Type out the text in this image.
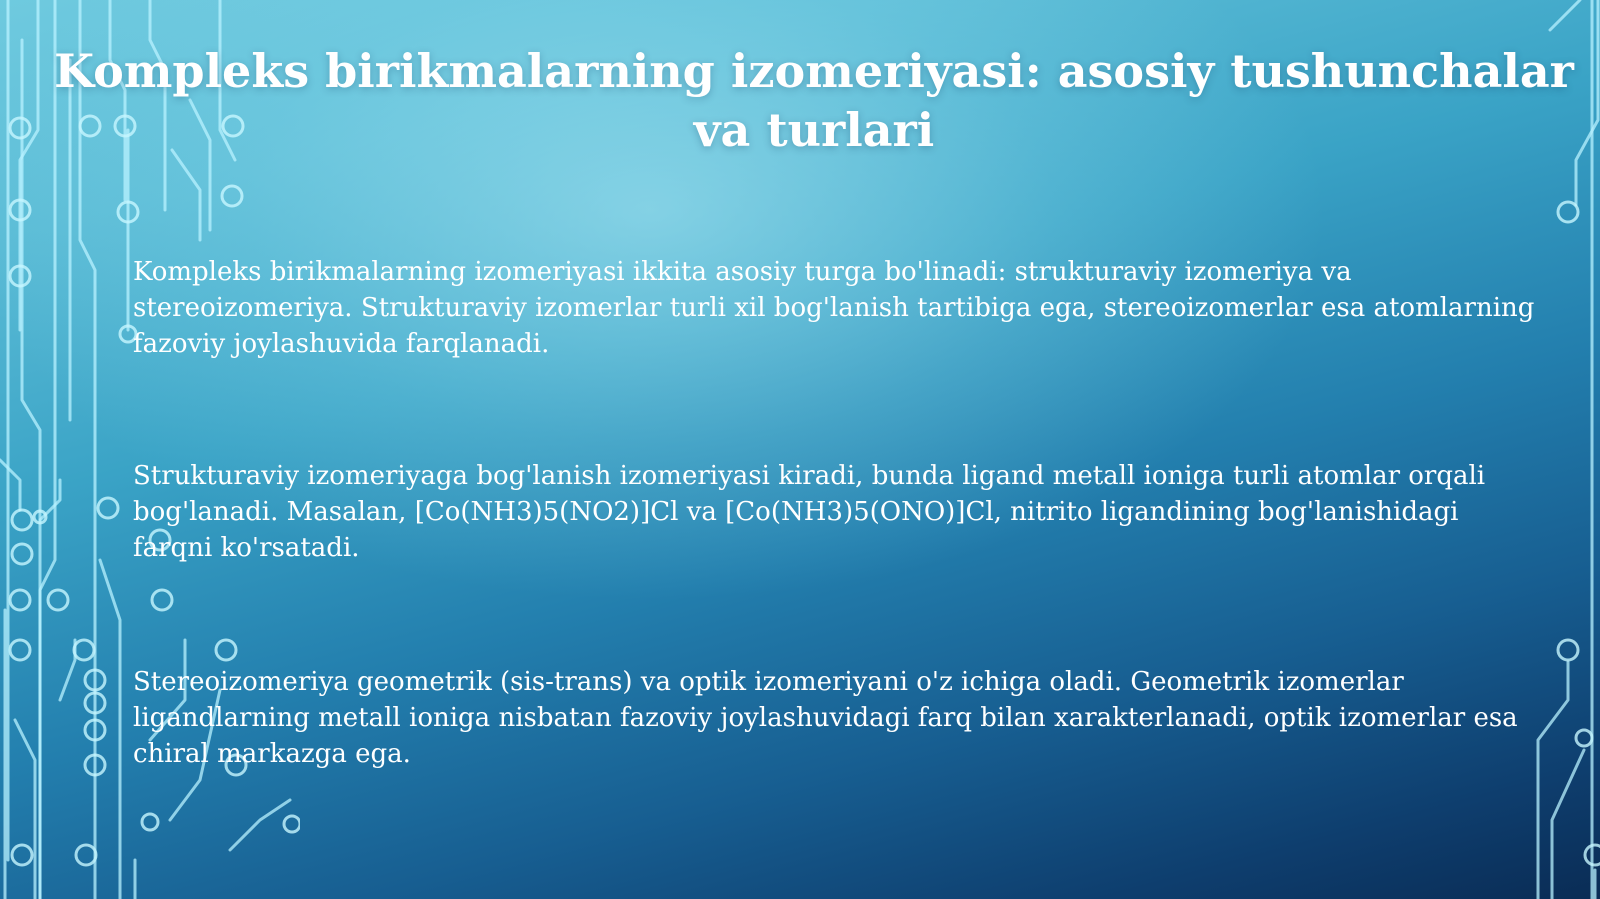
Kompleks birikmalarning izomeriyasi: asosiy tushunchalar va turlari

Kompleks birikmalarning izomeriyasi ikkita asosiy turga bo'linadi: strukturaviy izomeriya va stereoizomeriya. Strukturaviy izomerlar turli xil bog'lanish tartibiga ega, stereoizomerlar esa atomlarning fazoviy joylashuvida farqlanadi.

Strukturaviy izomeriyaga bog'lanish izomeriyasi kiradi, bunda ligand metall ioniga turli atomlar orqali bog'lanadi. Masalan, [Co(NH3)5(NO2)]Cl va [Co(NH3)5(ONO)]Cl, nitrito ligandining bog'lanishidagi farqni ko'rsatadi.

Stereoizomeriya geometrik (sis-trans) va optik izomeriyani o'z ichiga oladi. Geometrik izomerlar ligandlarning metall ioniga nisbatan fazoviy joylashuvidagi farq bilan xarakterlanadi, optik izomerlar esa chiral markazga ega.
